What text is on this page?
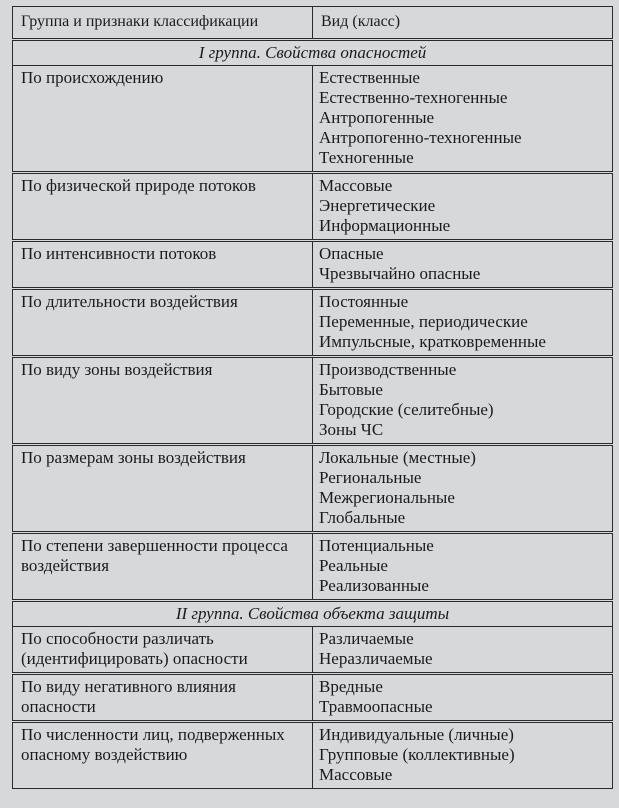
Группа и признаки классификации	Вид (класс)
I группа. Свойства опасностей	
По происхождению	Естественные
Естественно-техногенные
Антропогенные
Антропогенно-техногенные
Техногенные

По физической природе потоков	Массовые
Энергетические
Информационные

По интенсивности потоков	Опасные
Чрезвычайно опасные

По длительности воздействия	Постоянные
Переменные, периодические
Импульсные, кратковременные

По виду зоны воздействия	Производственные
Бытовые
Городские (селитебные)
Зоны ЧС

По размерам зоны воздействия	Локальные (местные)
Региональные
Межрегиональные
Глобальные

По степени завершенности процесса воздействия	Потенциальные
Реальные
Реализованные

II группа. Свойства объекта защиты	
По способности различать (идентифицировать) опасности	Различаемые
Неразличаемые

По виду негативного влияния опасности	Вредные
Травмоопасные

По численности лиц, подверженных опасному воздействию	Индивидуальные (личные)
Групповые (коллективные)
Массовые
